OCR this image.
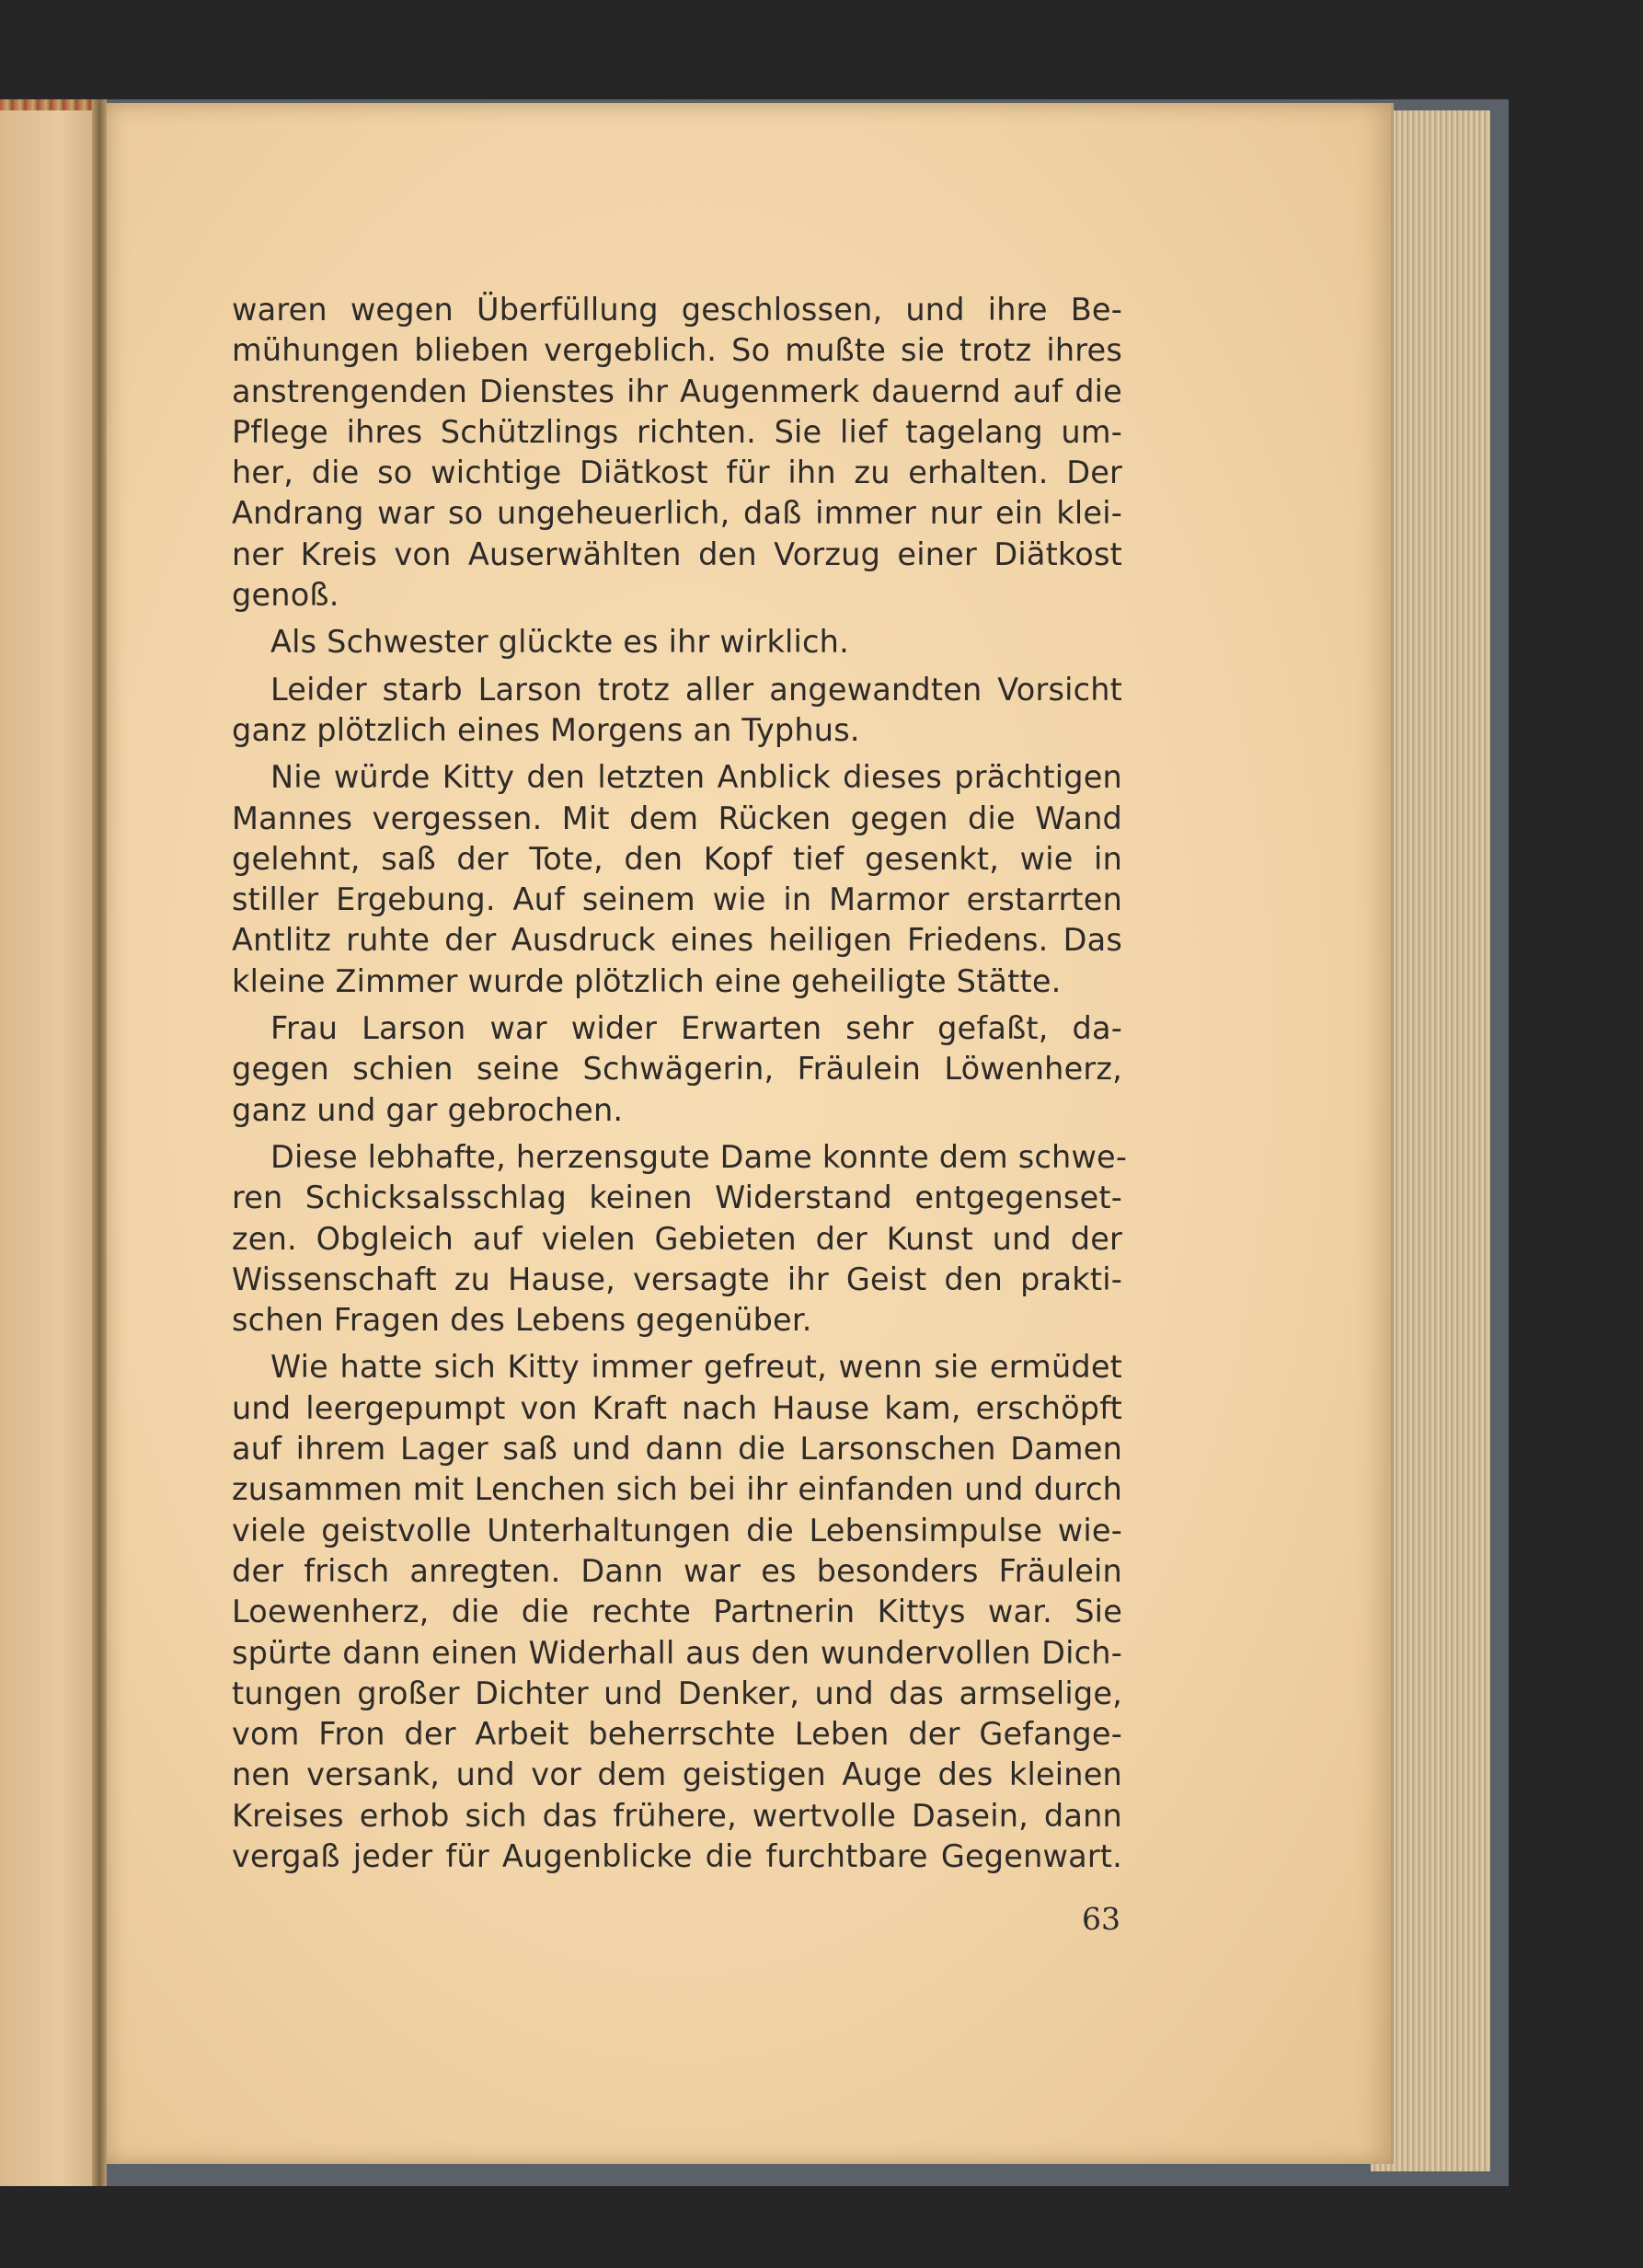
waren wegen Überfüllung geschlossen, und ihre Be-
mühungen blieben vergeblich. So mußte sie trotz ihres
anstrengenden Dienstes ihr Augenmerk dauernd auf die
Pflege ihres Schützlings richten. Sie lief tagelang um-
her, die so wichtige Diätkost für ihn zu erhalten. Der
Andrang war so ungeheuerlich, daß immer nur ein klei-
ner Kreis von Auserwählten den Vorzug einer Diätkost
genoß.

Als Schwester glückte es ihr wirklich.

Leider starb Larson trotz aller angewandten Vorsicht
ganz plötzlich eines Morgens an Typhus.

Nie würde Kitty den letzten Anblick dieses prächtigen
Mannes vergessen. Mit dem Rücken gegen die Wand
gelehnt, saß der Tote, den Kopf tief gesenkt, wie in
stiller Ergebung. Auf seinem wie in Marmor erstarrten
Antlitz ruhte der Ausdruck eines heiligen Friedens. Das
kleine Zimmer wurde plötzlich eine geheiligte Stätte.

Frau Larson war wider Erwarten sehr gefaßt, da-
gegen schien seine Schwägerin, Fräulein Löwenherz,
ganz und gar gebrochen.

Diese lebhafte, herzensgute Dame konnte dem schwe-
ren Schicksalsschlag keinen Widerstand entgegenset-
zen. Obgleich auf vielen Gebieten der Kunst und der
Wissenschaft zu Hause, versagte ihr Geist den prakti-
schen Fragen des Lebens gegenüber.

Wie hatte sich Kitty immer gefreut, wenn sie ermüdet
und leergepumpt von Kraft nach Hause kam, erschöpft
auf ihrem Lager saß und dann die Larsonschen Damen
zusammen mit Lenchen sich bei ihr einfanden und durch
viele geistvolle Unterhaltungen die Lebensimpulse wie-
der frisch anregten. Dann war es besonders Fräulein
Loewenherz, die die rechte Partnerin Kittys war. Sie
spürte dann einen Widerhall aus den wundervollen Dich-
tungen großer Dichter und Denker, und das armselige,
vom Fron der Arbeit beherrschte Leben der Gefange-
nen versank, und vor dem geistigen Auge des kleinen
Kreises erhob sich das frühere, wertvolle Dasein, dann
vergaß jeder für Augenblicke die furchtbare Gegenwart.

63
